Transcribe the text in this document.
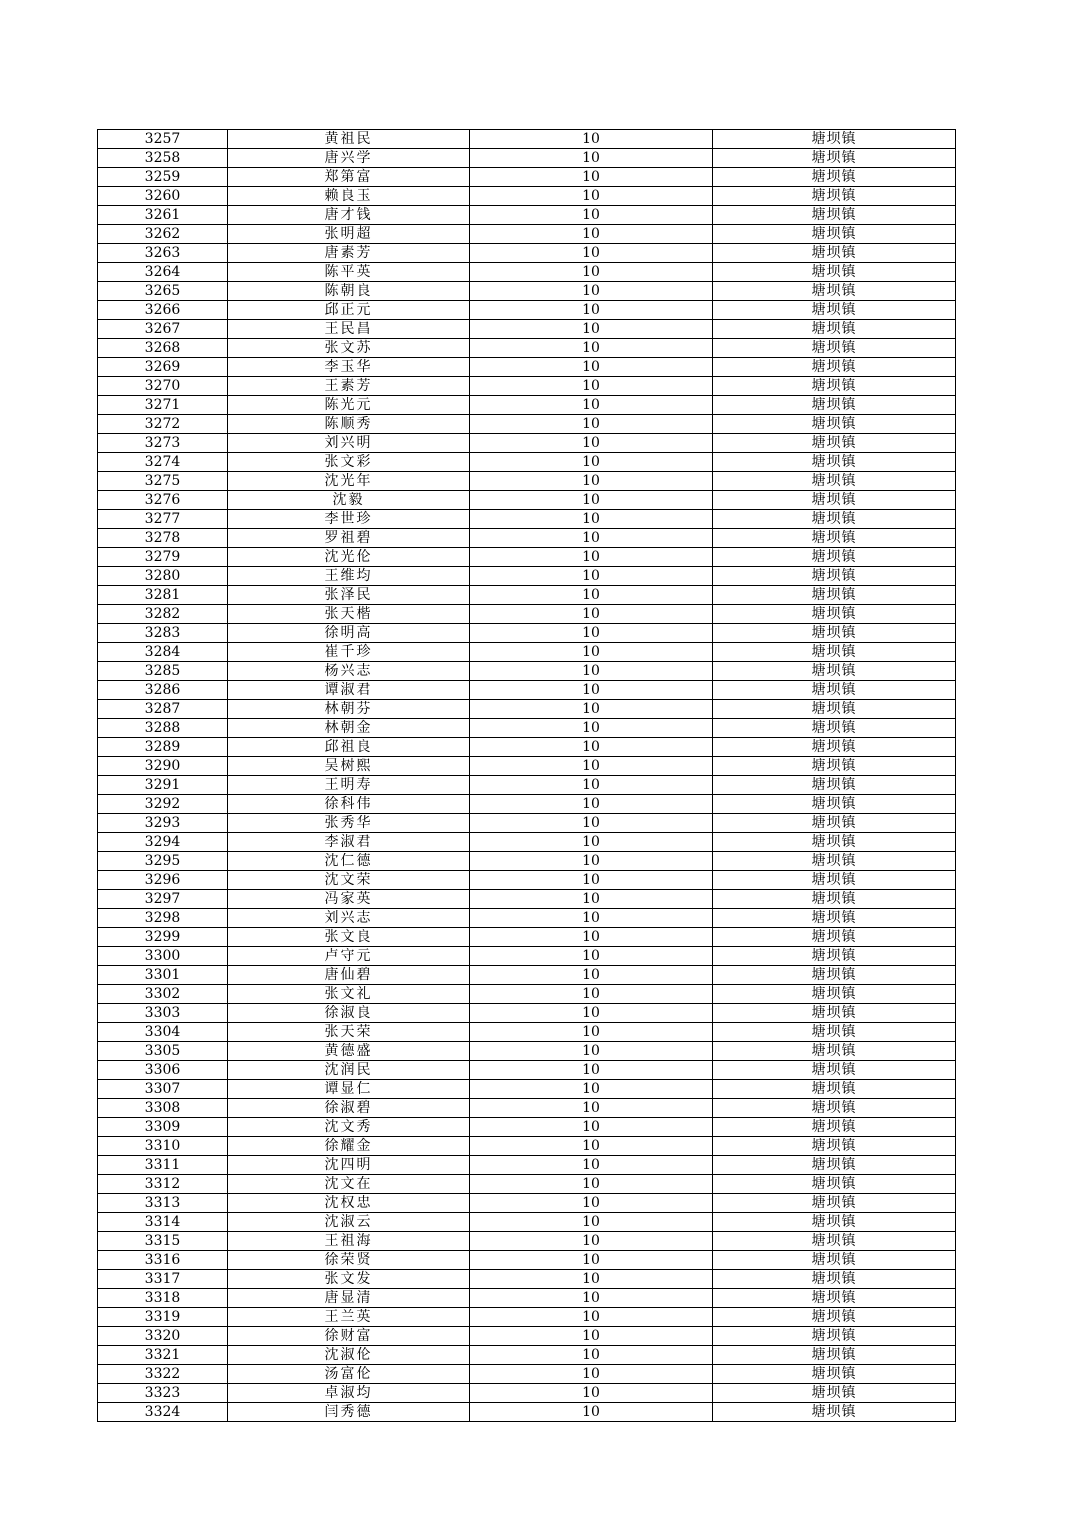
3257	黄祖民	10	塘坝镇
3258	唐兴学	10	塘坝镇
3259	郑第富	10	塘坝镇
3260	赖良玉	10	塘坝镇
3261	唐才钱	10	塘坝镇
3262	张明超	10	塘坝镇
3263	唐素芳	10	塘坝镇
3264	陈平英	10	塘坝镇
3265	陈朝良	10	塘坝镇
3266	邱正元	10	塘坝镇
3267	王民昌	10	塘坝镇
3268	张文苏	10	塘坝镇
3269	李玉华	10	塘坝镇
3270	王素芳	10	塘坝镇
3271	陈光元	10	塘坝镇
3272	陈顺秀	10	塘坝镇
3273	刘兴明	10	塘坝镇
3274	张文彩	10	塘坝镇
3275	沈光年	10	塘坝镇
3276	沈毅	10	塘坝镇
3277	李世珍	10	塘坝镇
3278	罗祖碧	10	塘坝镇
3279	沈光伦	10	塘坝镇
3280	王维均	10	塘坝镇
3281	张泽民	10	塘坝镇
3282	张天楷	10	塘坝镇
3283	徐明高	10	塘坝镇
3284	崔千珍	10	塘坝镇
3285	杨兴志	10	塘坝镇
3286	谭淑君	10	塘坝镇
3287	林朝芬	10	塘坝镇
3288	林朝金	10	塘坝镇
3289	邱祖良	10	塘坝镇
3290	吴树熙	10	塘坝镇
3291	王明寿	10	塘坝镇
3292	徐科伟	10	塘坝镇
3293	张秀华	10	塘坝镇
3294	李淑君	10	塘坝镇
3295	沈仁德	10	塘坝镇
3296	沈文荣	10	塘坝镇
3297	冯家英	10	塘坝镇
3298	刘兴志	10	塘坝镇
3299	张文良	10	塘坝镇
3300	卢守元	10	塘坝镇
3301	唐仙碧	10	塘坝镇
3302	张文礼	10	塘坝镇
3303	徐淑良	10	塘坝镇
3304	张天荣	10	塘坝镇
3305	黄德盛	10	塘坝镇
3306	沈润民	10	塘坝镇
3307	谭显仁	10	塘坝镇
3308	徐淑碧	10	塘坝镇
3309	沈文秀	10	塘坝镇
3310	徐耀金	10	塘坝镇
3311	沈四明	10	塘坝镇
3312	沈文在	10	塘坝镇
3313	沈权忠	10	塘坝镇
3314	沈淑云	10	塘坝镇
3315	王祖海	10	塘坝镇
3316	徐荣贤	10	塘坝镇
3317	张文发	10	塘坝镇
3318	唐显清	10	塘坝镇
3319	王兰英	10	塘坝镇
3320	徐财富	10	塘坝镇
3321	沈淑伦	10	塘坝镇
3322	汤富伦	10	塘坝镇
3323	卓淑均	10	塘坝镇
3324	闫秀德	10	塘坝镇
